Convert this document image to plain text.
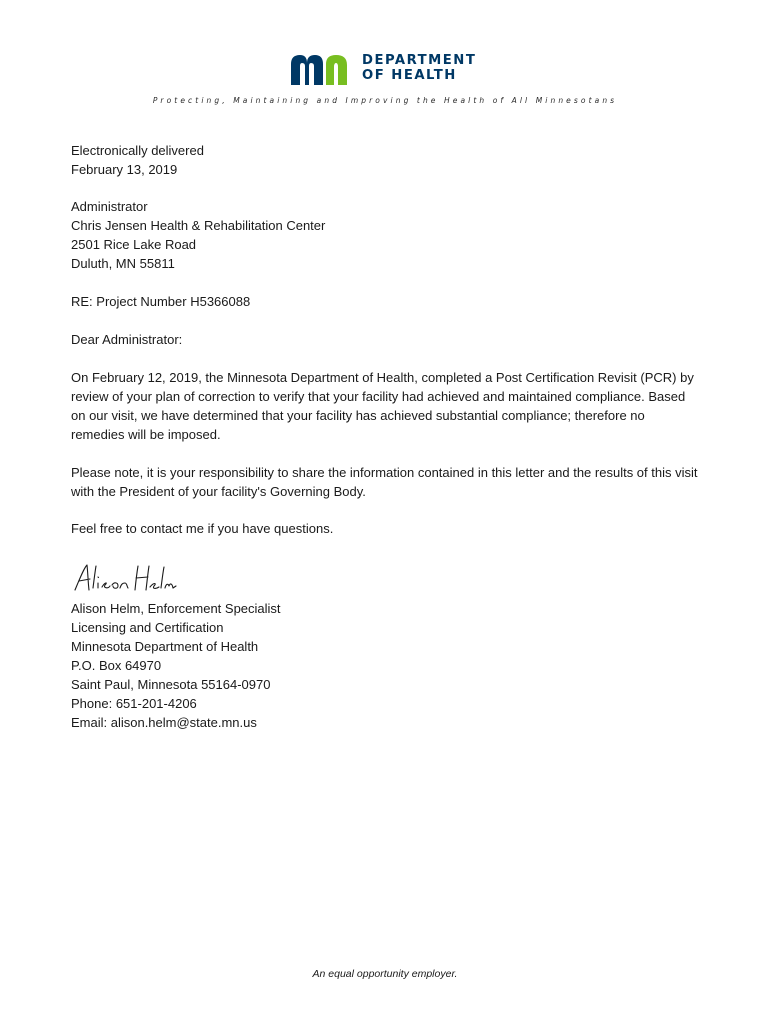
DEPARTMENT
OF HEALTH
Protecting, Maintaining and Improving the Health of All Minnesotans
Electronically delivered
February 13, 2019
Administrator
Chris Jensen Health & Rehabilitation Center
2501 Rice Lake Road
Duluth, MN 55811
RE: Project Number H5366088
Dear Administrator:
On February 12, 2019, the Minnesota Department of Health, completed a Post Certification Revisit (PCR) by review of your plan of correction to verify that your facility had achieved and maintained compliance. Based on our visit, we have determined that your facility has achieved substantial compliance; therefore no remedies will be imposed.
Please note, it is your responsibility to share the information contained in this letter and the results of this visit with the President of your facility's Governing Body.
Feel free to contact me if you have questions.
Alison Helm, Enforcement Specialist
Licensing and Certification
Minnesota Department of Health
P.O. Box 64970
Saint Paul, Minnesota 55164-0970
Phone: 651-201-4206
Email: alison.helm@state.mn.us
An equal opportunity employer.
